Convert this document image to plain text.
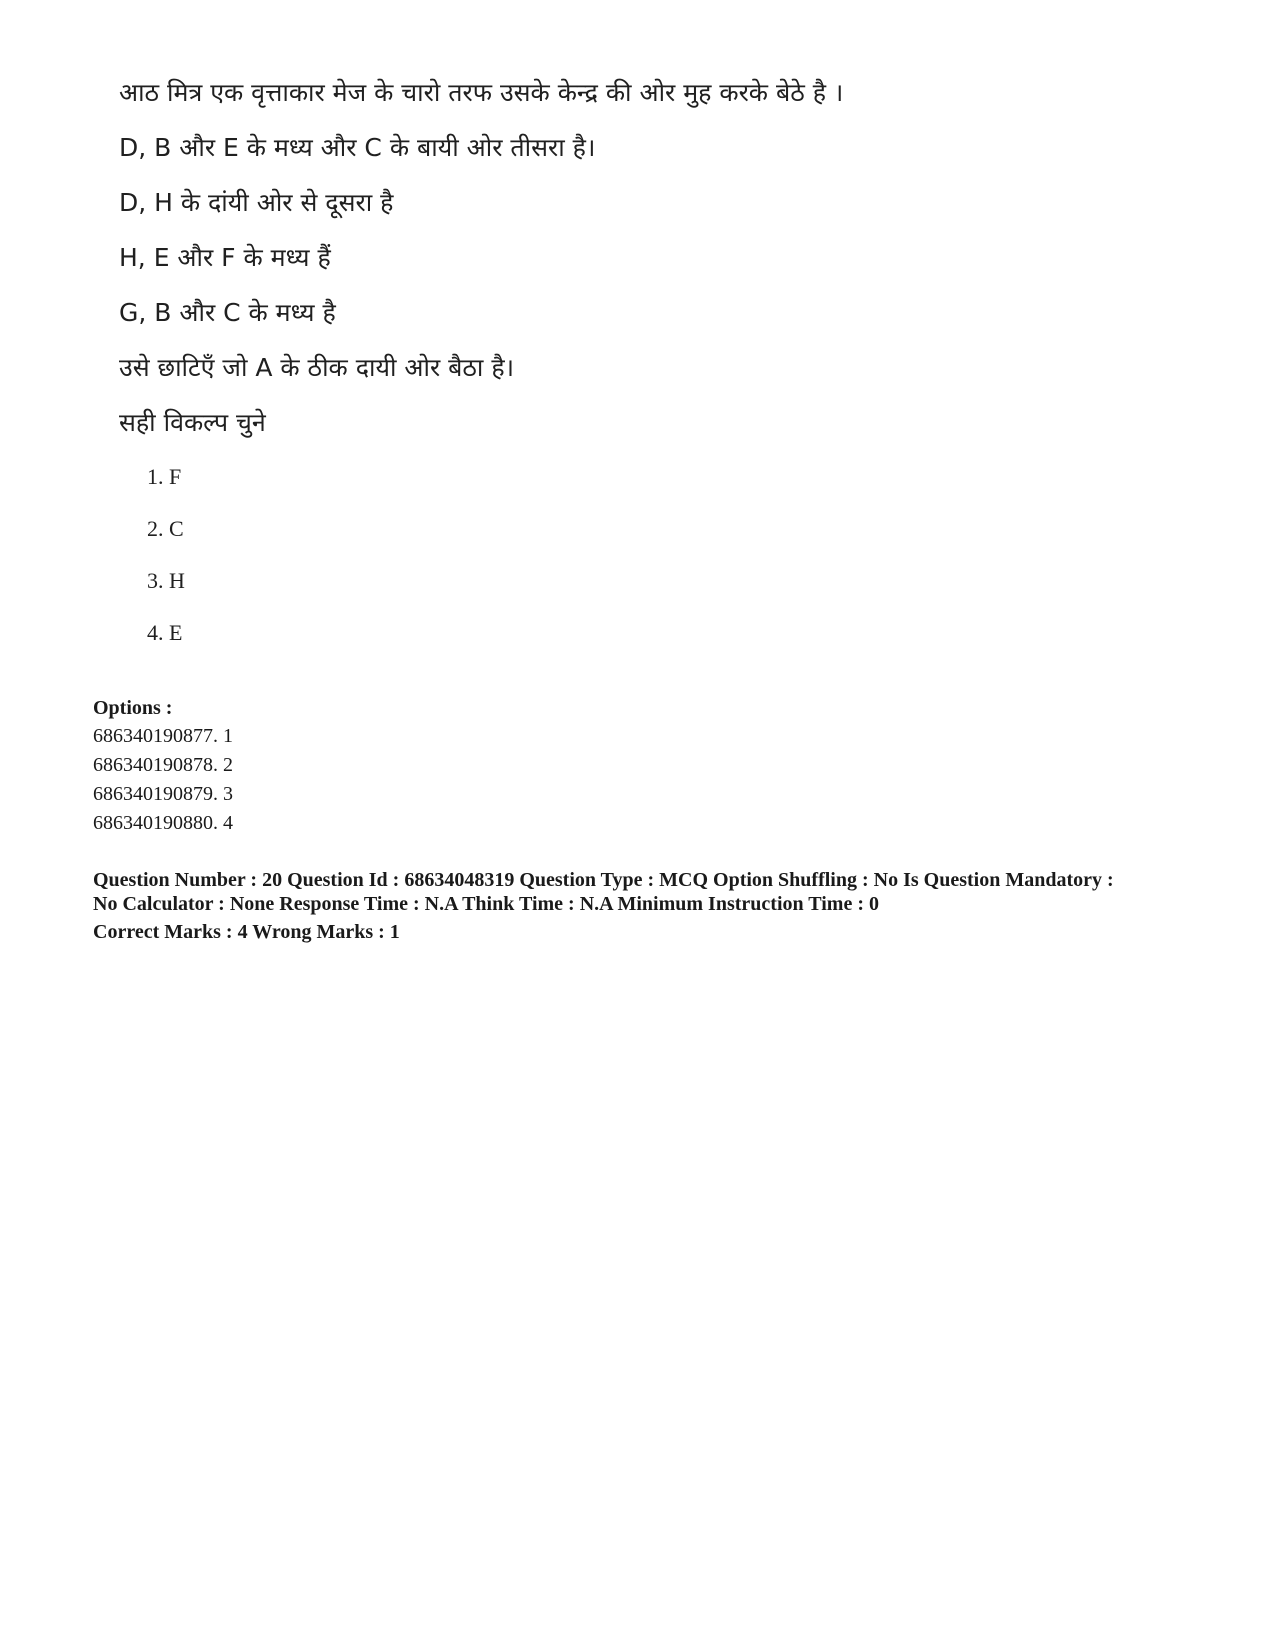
आठ मित्र एक वृत्ताकार मेज के चारो तरफ उसके केन्द्र की ओर मुह करके बेठे है ।

D, B और E के मध्य और C के बायी ओर तीसरा है।

D, H के दांयी ओर से दूसरा है

H, E और F के मध्य हैं

G, B और C के मध्य है

उसे छाटिएँ जो A के ठीक दायी ओर बैठा है।

सही विकल्प चुने

1. F
2. C
3. H
4. E

Options :

686340190877. 1

686340190878. 2

686340190879. 3

686340190880. 4

Question Number : 20 Question Id : 68634048319 Question Type : MCQ Option Shuffling : No Is Question Mandatory :

No Calculator : None Response Time : N.A Think Time : N.A Minimum Instruction Time : 0

Correct Marks : 4 Wrong Marks : 1
